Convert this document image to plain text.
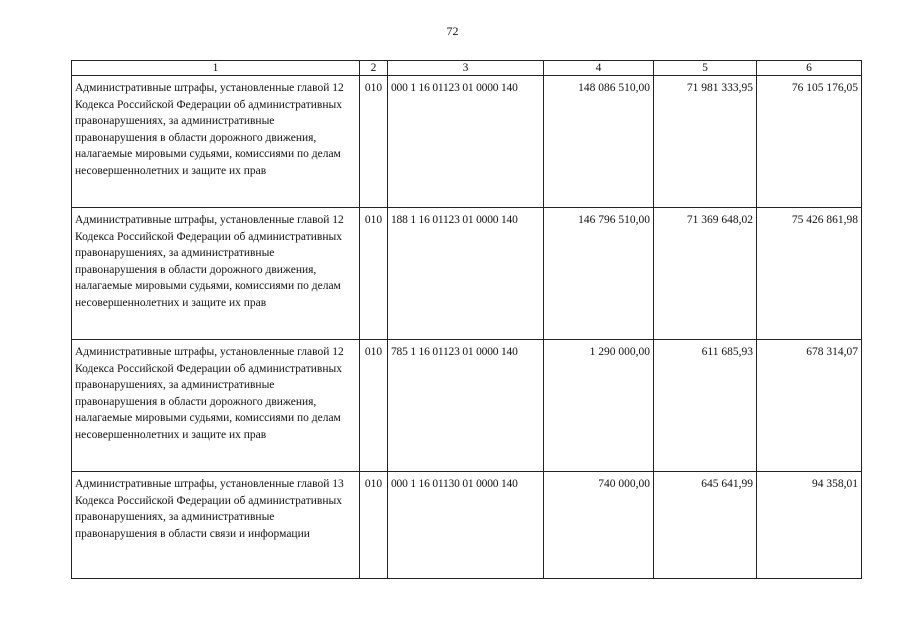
72
1	2	3	4	5	6
Административные штрафы, установленные главой 12 Кодекса Российской Федерации об административных правонарушениях, за административные правонарушения в области дорожного движения, налагаемые мировыми судьями, комиссиями по делам несовершеннолетних и защите их прав	010	000 1 16 01123 01 0000 140	148 086 510,00	71 981 333,95	76 105 176,05
Административные штрафы, установленные главой 12 Кодекса Российской Федерации об административных правонарушениях, за административные правонарушения в области дорожного движения, налагаемые мировыми судьями, комиссиями по делам несовершеннолетних и защите их прав	010	188 1 16 01123 01 0000 140	146 796 510,00	71 369 648,02	75 426 861,98
Административные штрафы, установленные главой 12 Кодекса Российской Федерации об административных правонарушениях, за административные правонарушения в области дорожного движения, налагаемые мировыми судьями, комиссиями по делам несовершеннолетних и защите их прав	010	785 1 16 01123 01 0000 140	1 290 000,00	611 685,93	678 314,07
Административные штрафы, установленные главой 13 Кодекса Российской Федерации об административных правонарушениях, за административные правонарушения в области связи и информации	010	000 1 16 01130 01 0000 140	740 000,00	645 641,99	94 358,01
